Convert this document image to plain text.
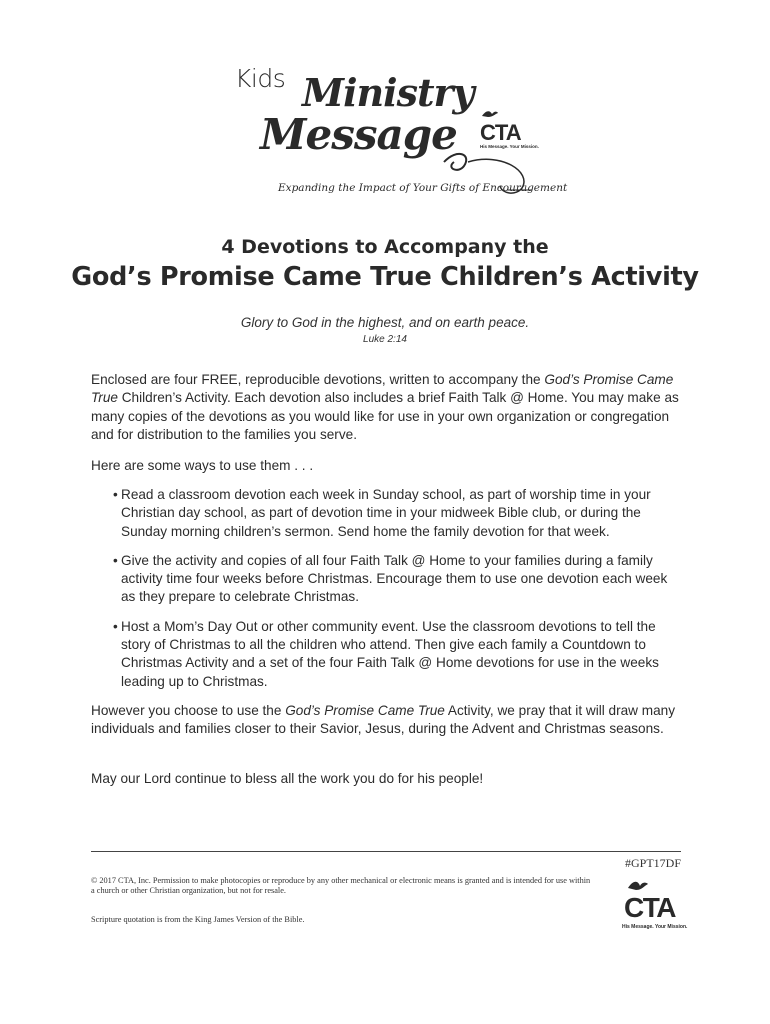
Kids Ministry
Message
Expanding the Impact of Your Gifts of Encouragement
CTA
His Message. Your Mission.
4 Devotions to Accompany the
God’s Promise Came True Children’s Activity
Glory to God in the highest, and on earth peace.
Luke 2:14

Enclosed are four FREE, reproducible devotions, written to accompany the God’s Promise Came True Children’s Activity. Each devotion also includes a brief Faith Talk @ Home. You may make as many copies of the devotions as you would like for use in your own organization or congregation and for distribution to the families you serve.

Here are some ways to use them . . .

• Read a classroom devotion each week in Sunday school, as part of worship time in your Christian day school, as part of devotion time in your midweek Bible club, or during the Sunday morning children’s sermon. Send home the family devotion for that week.
• Give the activity and copies of all four Faith Talk @ Home to your families during a family activity time four weeks before Christmas. Encourage them to use one devotion each week as they prepare to celebrate Christmas.
• Host a Mom’s Day Out or other community event. Use the classroom devotions to tell the story of Christmas to all the children who attend. Then give each family a Countdown to Christmas Activity and a set of the four Faith Talk @ Home devotions for use in the weeks leading up to Christmas.

However you choose to use the God’s Promise Came True Activity, we pray that it will draw many individuals and families closer to their Savior, Jesus, during the Advent and Christmas seasons.

May our Lord continue to bless all the work you do for his people!

#GPT17DF
© 2017 CTA, Inc. Permission to make photocopies or reproduce by any other mechanical or electronic means is granted and is intended for use within a church or other Christian organization, but not for resale.
Scripture quotation is from the King James Version of the Bible.	CTA
His Message. Your Mission.
